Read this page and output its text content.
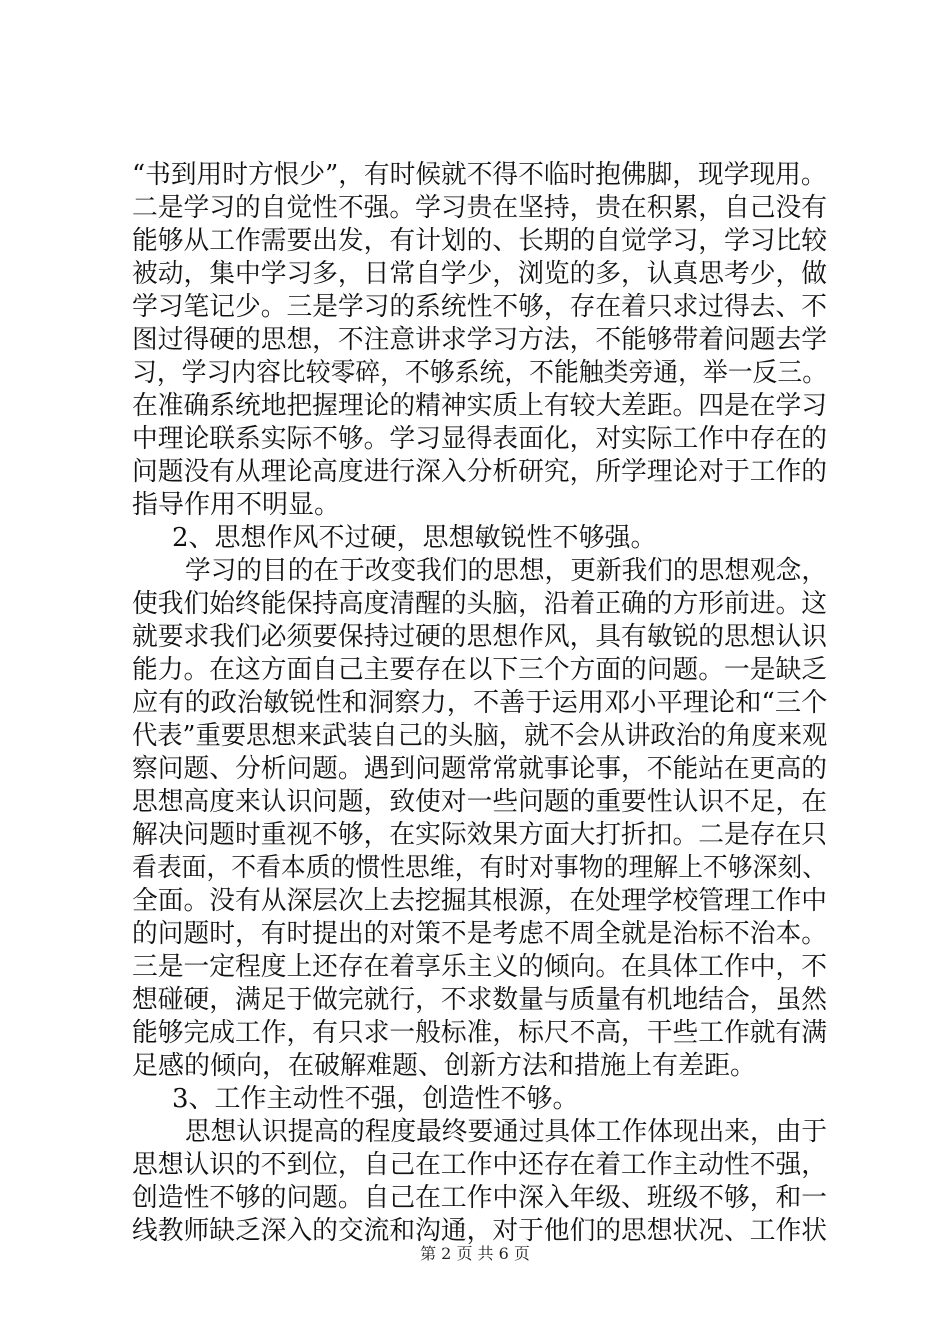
“书到用时方恨少”，有时候就不得不临时抱佛脚，现学现用。
二是学习的自觉性不强。学习贵在坚持，贵在积累，自己没有
能够从工作需要出发，有计划的、长期的自觉学习，学习比较
被动，集中学习多，日常自学少，浏览的多，认真思考少，做
学习笔记少。三是学习的系统性不够，存在着只求过得去、不
图过得硬的思想，不注意讲求学习方法，不能够带着问题去学
习，学习内容比较零碎，不够系统，不能触类旁通，举一反三。
在准确系统地把握理论的精神实质上有较大差距。四是在学习
中理论联系实际不够。学习显得表面化，对实际工作中存在的
问题没有从理论高度进行深入分析研究，所学理论对于工作的
指导作用不明显。
2、思想作风不过硬，思想敏锐性不够强。
学习的目的在于改变我们的思想，更新我们的思想观念，
使我们始终能保持高度清醒的头脑，沿着正确的方形前进。这
就要求我们必须要保持过硬的思想作风，具有敏锐的思想认识
能力。在这方面自己主要存在以下三个方面的问题。一是缺乏
应有的政治敏锐性和洞察力，不善于运用邓小平理论和“三个
代表”重要思想来武装自己的头脑，就不会从讲政治的角度来观
察问题、分析问题。遇到问题常常就事论事，不能站在更高的
思想高度来认识问题，致使对一些问题的重要性认识不足，在
解决问题时重视不够，在实际效果方面大打折扣。二是存在只
看表面，不看本质的惯性思维，有时对事物的理解上不够深刻、
全面。没有从深层次上去挖掘其根源，在处理学校管理工作中
的问题时，有时提出的对策不是考虑不周全就是治标不治本。
三是一定程度上还存在着享乐主义的倾向。在具体工作中，不
想碰硬，满足于做完就行，不求数量与质量有机地结合，虽然
能够完成工作，有只求一般标准，标尺不高，干些工作就有满
足感的倾向，在破解难题、创新方法和措施上有差距。
3、工作主动性不强，创造性不够。
思想认识提高的程度最终要通过具体工作体现出来，由于
思想认识的不到位，自己在工作中还存在着工作主动性不强，
创造性不够的问题。自己在工作中深入年级、班级不够，和一
线教师缺乏深入的交流和沟通，对于他们的思想状况、工作状
第 2 页 共 6 页
